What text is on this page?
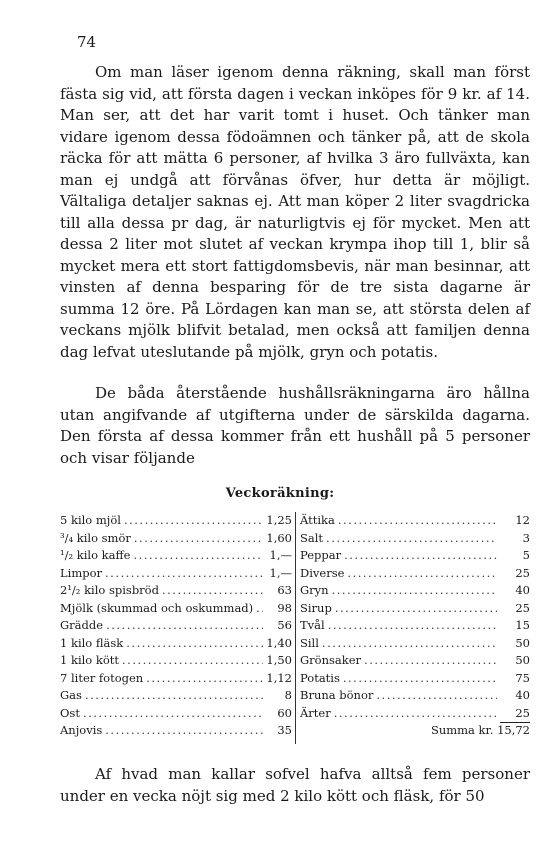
74
Om man läser igenom denna räkning, skall man först fästa sig vid, att första dagen i veckan inköpes för 9 kr. af 14. Man ser, att det har varit tomt i huset. Och tänker man vidare igenom dessa födoämnen och tänker på, att de skola räcka för att mätta 6 personer, af hvilka 3 äro fullväxta, kan man ej undgå att förvånas öfver, hur detta är möjligt. Vältaliga detaljer saknas ej. Att man köper 2 liter svagdricka till alla dessa pr dag, är naturligtvis ej för mycket. Men att dessa 2 liter mot slutet af veckan krympa ihop till 1, blir så mycket mera ett stort fattigdomsbevis, när man besinnar, att vinsten af denna besparing för de tre sista dagarne är summa 12 öre. På Lördagen kan man se, att största delen af veckans mjölk blifvit betalad, men också att familjen denna dag lefvat uteslutande på mjölk, gryn och potatis.
De båda återstående hushållsräkningarna äro hållna utan angifvande af utgifterna under de särskilda dagarna. Den första af dessa kommer från ett hushåll på 5 personer och visar följande
Veckoräkning:
5 kilo mjöl .....	1,25
³/₄ kilo smör .....	1,60
¹/₂ kilo kaffe .....	1,—
Limpor .....	1,—
2¹/₂ kilo spisbröd .....	63
Mjölk (skummad och oskummad) .....	98
Grädde .....	56
1 kilo fläsk .....	1,40
1 kilo kött .....	1,50
7 liter fotogen .....	1,12
Gas .....	8
Ost .....	60
Anjovis .....	35
Ättika .....	12
Salt .....	3
Peppar .....	5
Diverse .....	25
Gryn .....	40
Sirup .....	25
Tvål .....	15
Sill .....	50
Grönsaker .....	50
Potatis .....	75
Bruna bönor .....	40
Ärter .....	25
Summa kr. 15,72
Af hvad man kallar sofvel hafva alltså fem personer under en vecka nöjt sig med 2 kilo kött och fläsk, för 50
